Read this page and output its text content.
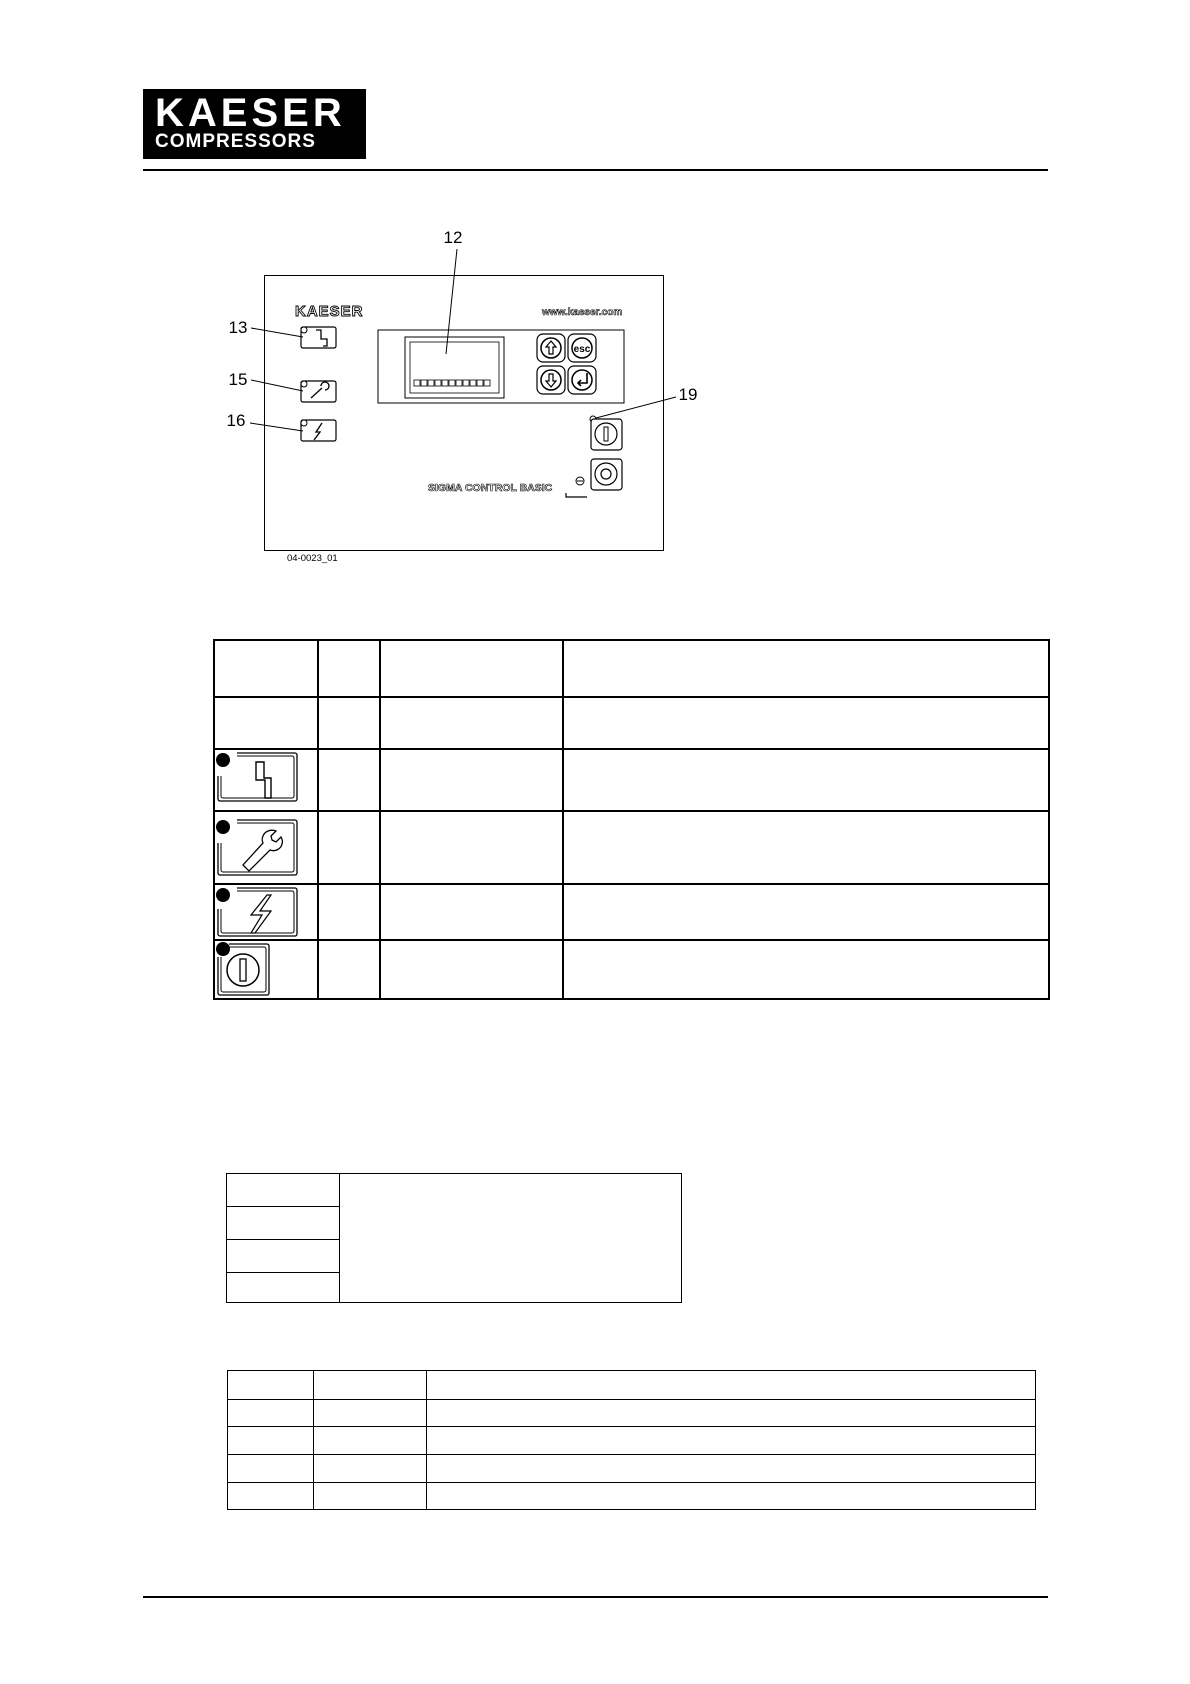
KAESER
COMPRESSORS
KAESER	www.kaeser.com
esc
SIGMA CONTROL BASIC
12
13
15
16
19
04-0023_01
